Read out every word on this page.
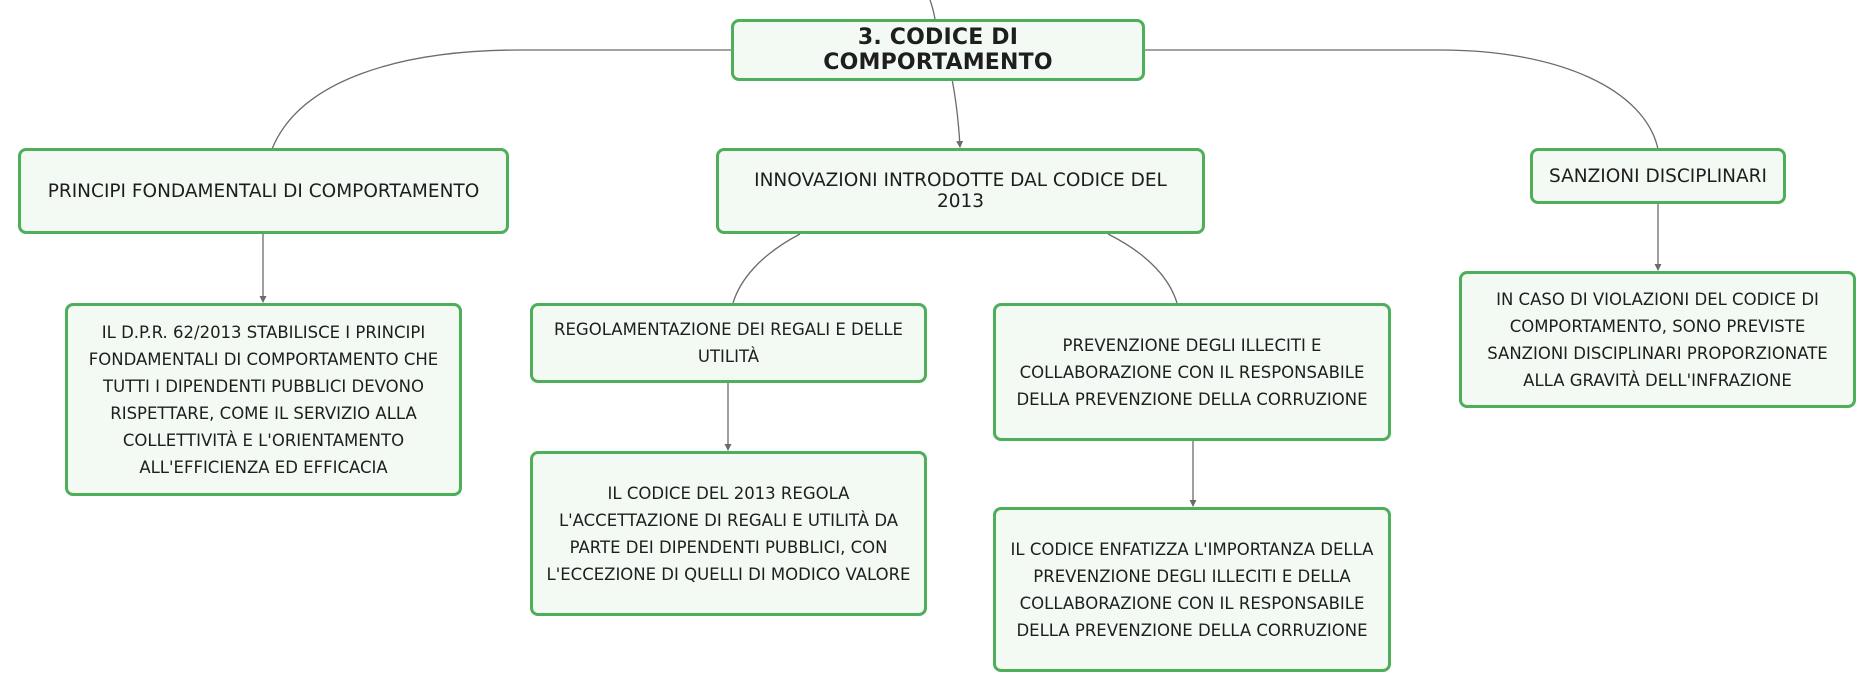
3. CODICE DI COMPORTAMENTO
PRINCIPI FONDAMENTALI DI COMPORTAMENTO	INNOVAZIONI INTRODOTTE DAL CODICE DEL 2013
SANZIONI DISCIPLINARI
IL D.P.R. 62/2013 STABILISCE I PRINCIPI FONDAMENTALI DI COMPORTAMENTO CHE TUTTI I DIPENDENTI PUBBLICI DEVONO RISPETTARE, COME IL SERVIZIO ALLA COLLETTIVITÀ E L'ORIENTAMENTO ALL'EFFICIENZA ED EFFICACIA
REGOLAMENTAZIONE DEI REGALI E DELLE UTILITÀ
PREVENZIONE DEGLI ILLECITI E COLLABORAZIONE CON IL RESPONSABILE DELLA PREVENZIONE DELLA CORRUZIONE
IN CASO DI VIOLAZIONI DEL CODICE DI COMPORTAMENTO, SONO PREVISTE SANZIONI DISCIPLINARI PROPORZIONATE ALLA GRAVITÀ DELL'INFRAZIONE
IL CODICE DEL 2013 REGOLA L'ACCETTAZIONE DI REGALI E UTILITÀ DA PARTE DEI DIPENDENTI PUBBLICI, CON L'ECCEZIONE DI QUELLI DI MODICO VALORE
IL CODICE ENFATIZZA L'IMPORTANZA DELLA PREVENZIONE DEGLI ILLECITI E DELLA COLLABORAZIONE CON IL RESPONSABILE DELLA PREVENZIONE DELLA CORRUZIONE
